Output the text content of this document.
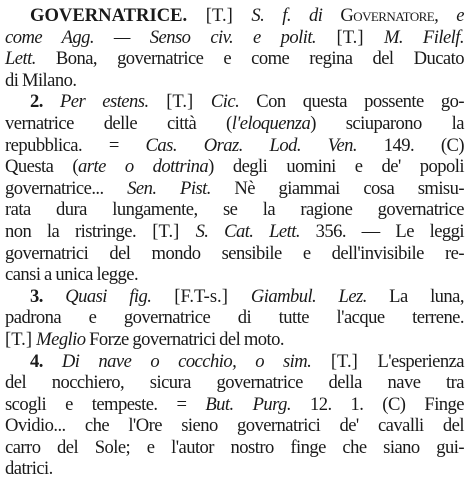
GOVERNATRICE. [T.] S. f. di Governatore, e
come Agg. — Senso civ. e polit. [T.] M. Filelf.
Lett. Bona, governatrice e come regina del Ducato
di Milano.
2. Per estens. [T.] Cic. Con questa possente go-
vernatrice delle città (l'eloquenza) sciuparono la
repubblica. = Cas. Oraz. Lod. Ven. 149. (C)
Questa (arte o dottrina) degli uomini e de' popoli
governatrice... Sen. Pist. Nè giammai cosa smisu-
rata dura lungamente, se la ragione governatrice
non la ristringe. [T.] S. Cat. Lett. 356. — Le leggi
governatrici del mondo sensibile e dell'invisibile re-
cansi a unica legge.
3. Quasi fig. [F.T-s.] Giambul. Lez. La luna,
padrona e governatrice di tutte l'acque terrene.
[T.] Meglio Forze governatrici del moto.
4. Di nave o cocchio, o sim. [T.] L'esperienza
del nocchiero, sicura governatrice della nave tra
scogli e tempeste. = But. Purg. 12. 1. (C) Finge
Ovidio... che l'Ore sieno governatrici de' cavalli del
carro del Sole; e l'autor nostro finge che siano gui-
datrici.
